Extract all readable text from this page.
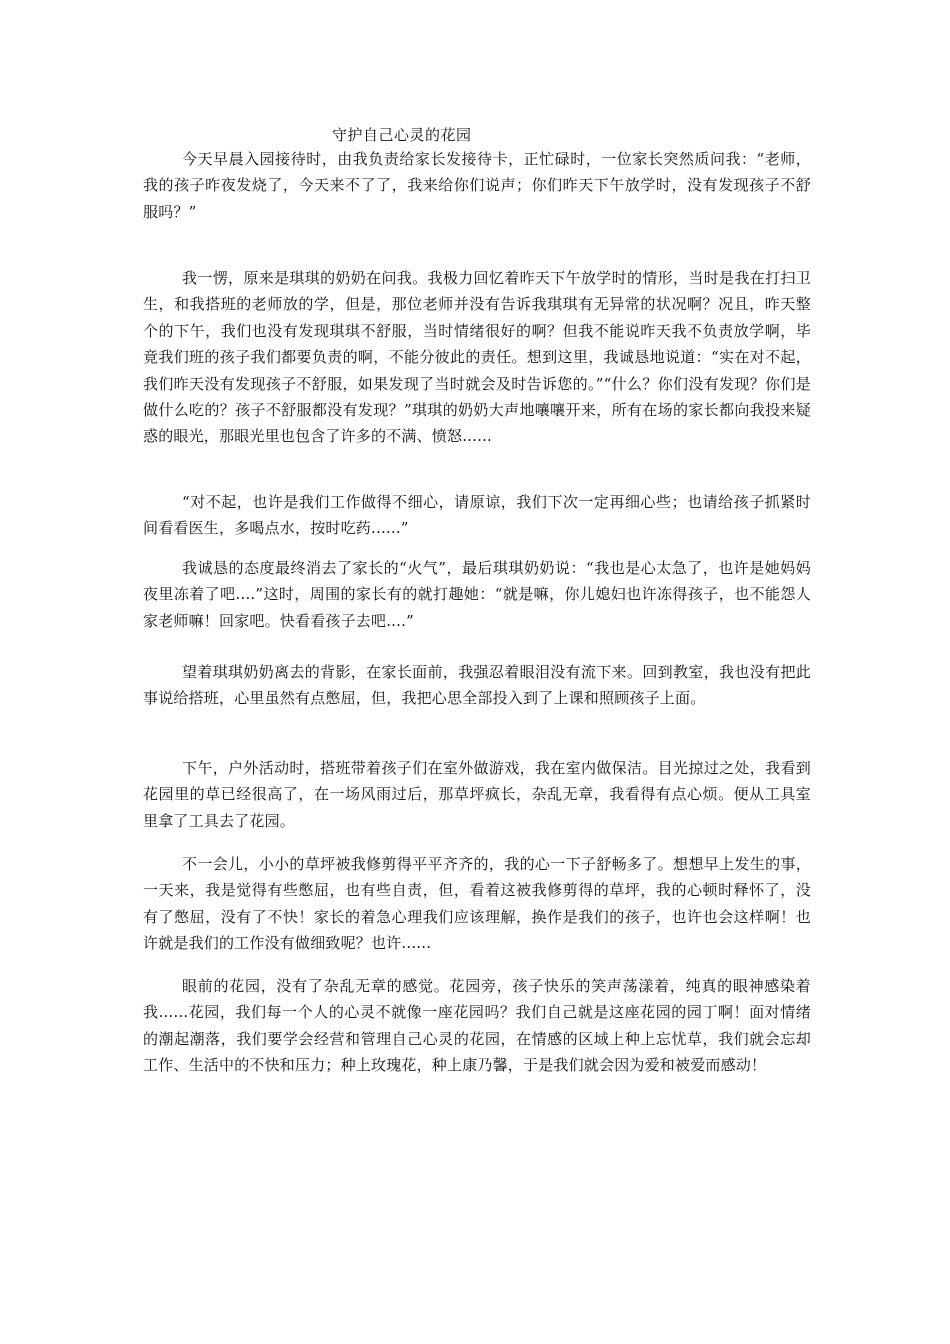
守护自己心灵的花园

今天早晨入园接待时，由我负责给家长发接待卡，正忙碌时，一位家长突然质问我：“老师，我的孩子昨夜发烧了，今天来不了了，我来给你们说声；你们昨天下午放学时，没有发现孩子不舒服吗？”

我一愣，原来是琪琪的奶奶在问我。我极力回忆着昨天下午放学时的情形，当时是我在打扫卫生，和我搭班的老师放的学，但是，那位老师并没有告诉我琪琪有无异常的状况啊？况且，昨天整个的下午，我们也没有发现琪琪不舒服，当时情绪很好的啊？但我不能说昨天我不负责放学啊，毕竟我们班的孩子我们都要负责的啊，不能分彼此的责任。想到这里，我诚恳地说道：“实在对不起，我们昨天没有发现孩子不舒服，如果发现了当时就会及时告诉您的。”“什么？你们没有发现？你们是做什么吃的？孩子不舒服都没有发现？”琪琪的奶奶大声地嚷嚷开来，所有在场的家长都向我投来疑惑的眼光，那眼光里也包含了许多的不满、愤怒......

“对不起，也许是我们工作做得不细心，请原谅，我们下次一定再细心些；也请给孩子抓紧时间看看医生，多喝点水，按时吃药......”

我诚恳的态度最终消去了家长的“火气”，最后琪琪奶奶说：“我也是心太急了，也许是她妈妈夜里冻着了吧....”这时，周围的家长有的就打趣她：“就是嘛，你儿媳妇也许冻得孩子，也不能怨人家老师嘛！回家吧。快看看孩子去吧....”

望着琪琪奶奶离去的背影，在家长面前，我强忍着眼泪没有流下来。回到教室，我也没有把此事说给搭班，心里虽然有点憋屈，但，我把心思全部投入到了上课和照顾孩子上面。

下午，户外活动时，搭班带着孩子们在室外做游戏，我在室内做保洁。目光掠过之处，我看到花园里的草已经很高了，在一场风雨过后，那草坪疯长，杂乱无章，我看得有点心烦。便从工具室里拿了工具去了花园。

不一会儿，小小的草坪被我修剪得平平齐齐的，我的心一下子舒畅多了。想想早上发生的事，一天来，我是觉得有些憋屈，也有些自责，但，看着这被我修剪得的草坪，我的心顿时释怀了，没有了憋屈，没有了不快！家长的着急心理我们应该理解，换作是我们的孩子，也许也会这样啊！也许就是我们的工作没有做细致呢？也许......

眼前的花园，没有了杂乱无章的感觉。花园旁，孩子快乐的笑声荡漾着，纯真的眼神感染着我......花园，我们每一个人的心灵不就像一座花园吗？我们自己就是这座花园的园丁啊！面对情绪的潮起潮落，我们要学会经营和管理自己心灵的花园，在情感的区域上种上忘忧草，我们就会忘却工作、生活中的不快和压力；种上玫瑰花，种上康乃馨，于是我们就会因为爱和被爱而感动！
